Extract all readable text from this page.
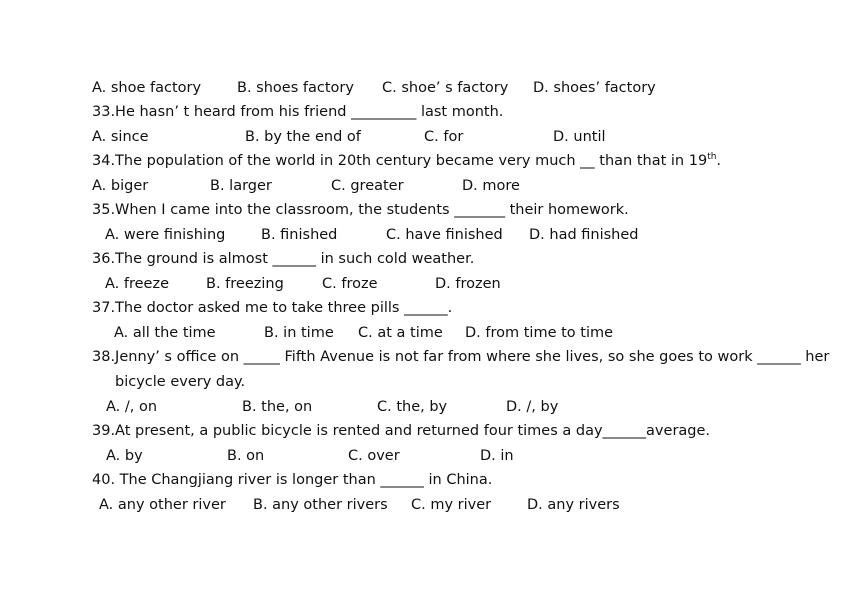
A. shoe factory B. shoes factory C. shoe’ s factory D. shoes’ factory
33.He hasn’ t heard from his friend _________ last month.
A. since	B. by the end of	C. for	D. until
34.The population of the world in 20th century became very much __ than that in 19th.
A. biger	B. larger	C. greater	D. more
35.When I came into the classroom, the students _______ their homework.
A. were finishing B. finished	C. have finished D. had finished
36.The ground is almost ______ in such cold weather.
A. freeze	B. freezing	C. froze	D. frozen
37.The doctor asked me to take three pills ______.
A. all the time	B. in time C. at a time D. from time to time
38.Jenny’ s office on _____ Fifth Avenue is not far from where she lives, so she goes to work ______ her
bicycle every day.
A. /, on	B. the, on	C. the, by	D. /, by
39.At present, a public bicycle is rented and returned four times a day______average.
A. by	B. on	C. over	D. in
40. The Changjiang river is longer than ______ in China.
A. any other river B. any other rivers C. my river D. any rivers
